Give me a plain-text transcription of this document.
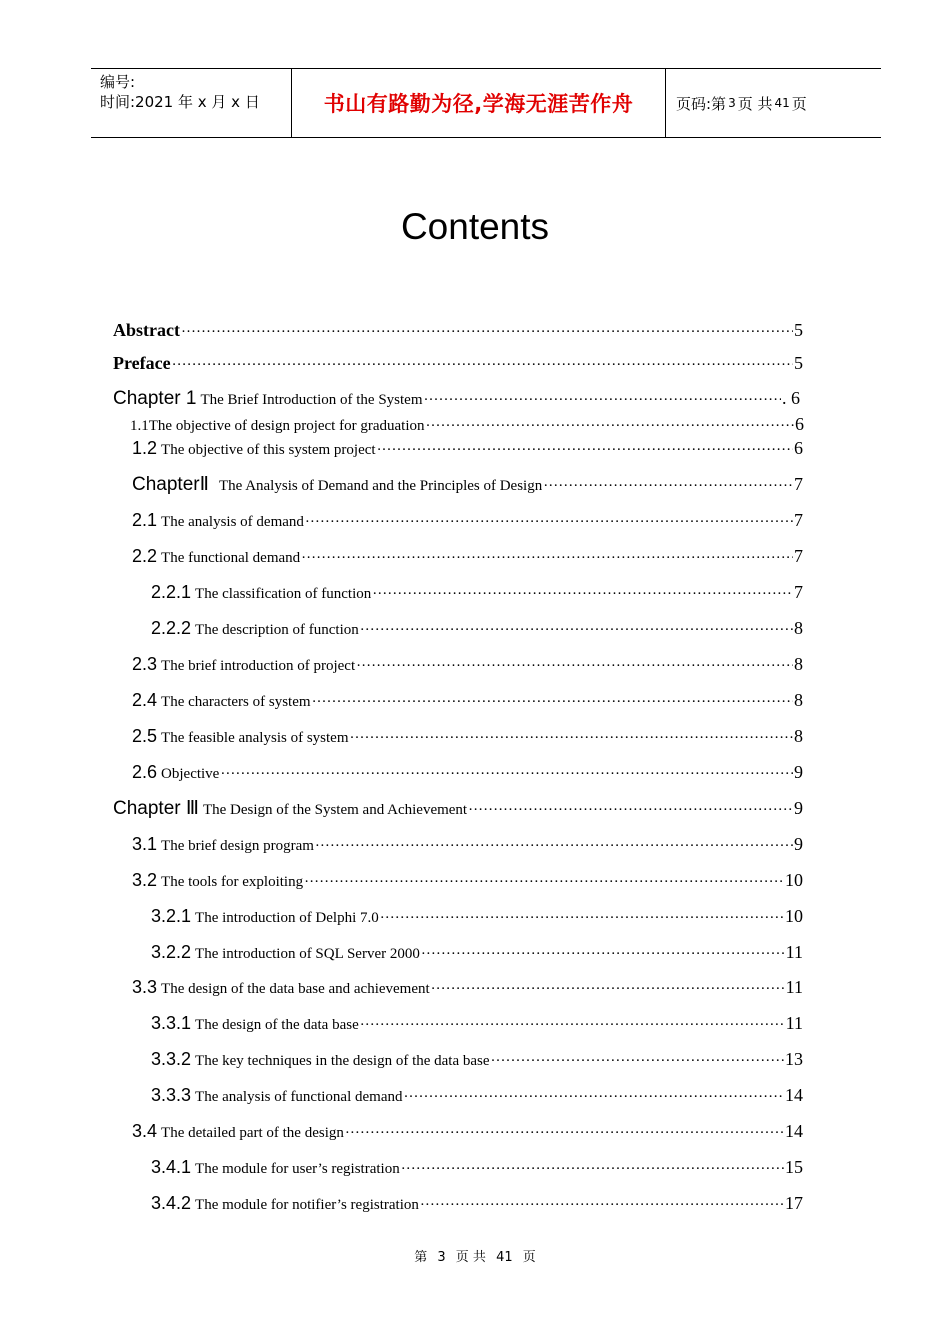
编号:
时间:2021 年 x 月 x 日	书山有路勤为径,学海无涯苦作舟	页码:第 3 页 共 41 页
Contents
Abstract ·····	5
Preface ·····	5
Chapter 1 The Brief Introduction of the System ·····	. 6
1.1The objective of design project for graduation ·····	6
1.2 The objective of this system project ·····	6
ChapterⅡ The Analysis of Demand and the Principles of Design ·····	7
2.1 The analysis of demand ·····	7
2.2 The functional demand ·····	7
2.2.1 The classification of function ·····	7
2.2.2 The description of function ·····	8
2.3 The brief introduction of project ·····	8
2.4 The characters of system ·····	8
2.5 The feasible analysis of system ·····	8
2.6 Objective ·····	9
Chapter Ⅲ The Design of the System and Achievement ·····	9
3.1 The brief design program ·····	9
3.2 The tools for exploiting ·····	10
3.2.1 The introduction of Delphi 7.0 ·····	10
3.2.2 The introduction of SQL Server 2000 ·····	11
3.3 The design of the data base and achievement ·····	11
3.3.1 The design of the data base ·····	11
3.3.2 The key techniques in the design of the data base ·····	13
3.3.3 The analysis of functional demand ·····	14
3.4 The detailed part of the design ·····	14
3.4.1 The module for user’s registration ·····	15
3.4.2 The module for notifier’s registration ·····	17
第 3 页 共 41 页
